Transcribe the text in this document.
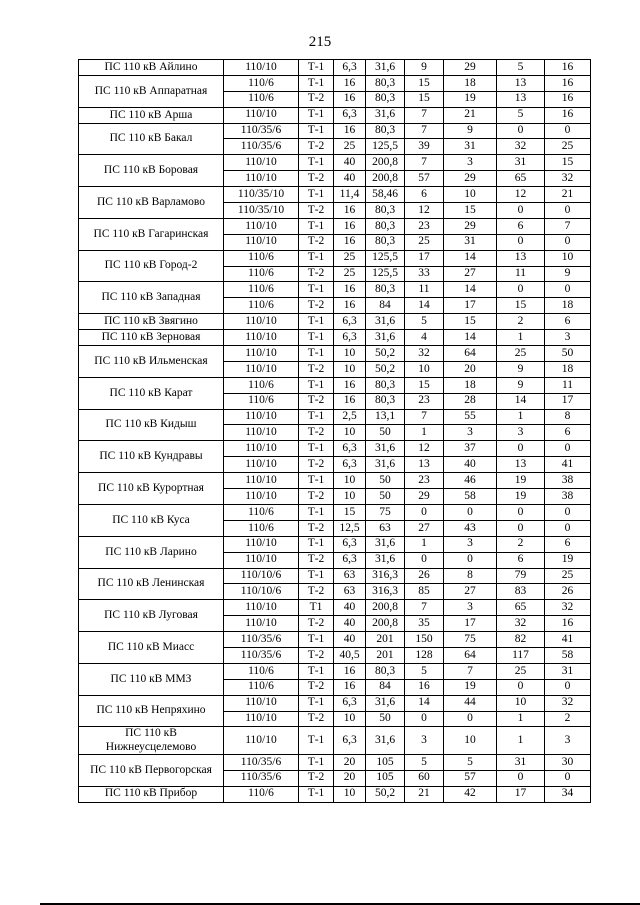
215
ПС 110 кВ Айлино	110/10	Т-1	6,3	31,6	9	29	5	16
ПС 110 кВ Аппаратная	110/6	Т-1	16	80,3	15	18	13	16
	110/6	Т-2	16	80,3	15	19	13	16
ПС 110 кВ Арша	110/10	Т-1	6,3	31,6	7	21	5	16
ПС 110 кВ Бакал	110/35/6	Т-1	16	80,3	7	9	0	0
	110/35/6	Т-2	25	125,5	39	31	32	25
ПС 110 кВ Боровая	110/10	Т-1	40	200,8	7	3	31	15
	110/10	Т-2	40	200,8	57	29	65	32
ПС 110 кВ Варламово	110/35/10	Т-1	11,4	58,46	6	10	12	21
	110/35/10	Т-2	16	80,3	12	15	0	0
ПС 110 кВ Гагаринская	110/10	Т-1	16	80,3	23	29	6	7
	110/10	Т-2	16	80,3	25	31	0	0
ПС 110 кВ Город-2	110/6	Т-1	25	125,5	17	14	13	10
	110/6	Т-2	25	125,5	33	27	11	9
ПС 110 кВ Западная	110/6	Т-1	16	80,3	11	14	0	0
	110/6	Т-2	16	84	14	17	15	18
ПС 110 кВ Звягино	110/10	Т-1	6,3	31,6	5	15	2	6
ПС 110 кВ Зерновая	110/10	Т-1	6,3	31,6	4	14	1	3
ПС 110 кВ Ильменская	110/10	Т-1	10	50,2	32	64	25	50
	110/10	Т-2	10	50,2	10	20	9	18
ПС 110 кВ Карат	110/6	Т-1	16	80,3	15	18	9	11
	110/6	Т-2	16	80,3	23	28	14	17
ПС 110 кВ Кидыш	110/10	Т-1	2,5	13,1	7	55	1	8
	110/10	Т-2	10	50	1	3	3	6
ПС 110 кВ Кундравы	110/10	Т-1	6,3	31,6	12	37	0	0
	110/10	Т-2	6,3	31,6	13	40	13	41
ПС 110 кВ Курортная	110/10	Т-1	10	50	23	46	19	38
	110/10	Т-2	10	50	29	58	19	38
ПС 110 кВ Куса	110/6	Т-1	15	75	0	0	0	0
	110/6	Т-2	12,5	63	27	43	0	0
ПС 110 кВ Ларино	110/10	Т-1	6,3	31,6	1	3	2	6
	110/10	Т-2	6,3	31,6	0	0	6	19
ПС 110 кВ Ленинская	110/10/6	Т-1	63	316,3	26	8	79	25
	110/10/6	Т-2	63	316,3	85	27	83	26
ПС 110 кВ Луговая	110/10	Т1	40	200,8	7	3	65	32
	110/10	Т-2	40	200,8	35	17	32	16
ПС 110 кВ Миасс	110/35/6	Т-1	40	201	150	75	82	41
	110/35/6	Т-2	40,5	201	128	64	117	58
ПС 110 кВ ММЗ	110/6	Т-1	16	80,3	5	7	25	31
	110/6	Т-2	16	84	16	19	0	0
ПС 110 кВ Непряхино	110/10	Т-1	6,3	31,6	14	44	10	32
	110/10	Т-2	10	50	0	0	1	2
ПС 110 кВ Нижнеусцелемово	110/10	Т-1	6,3	31,6	3	10	1	3
ПС 110 кВ Первогорская	110/35/6	Т-1	20	105	5	5	31	30
	110/35/6	Т-2	20	105	60	57	0	0
ПС 110 кВ Прибор	110/6	Т-1	10	50,2	21	42	17	34
